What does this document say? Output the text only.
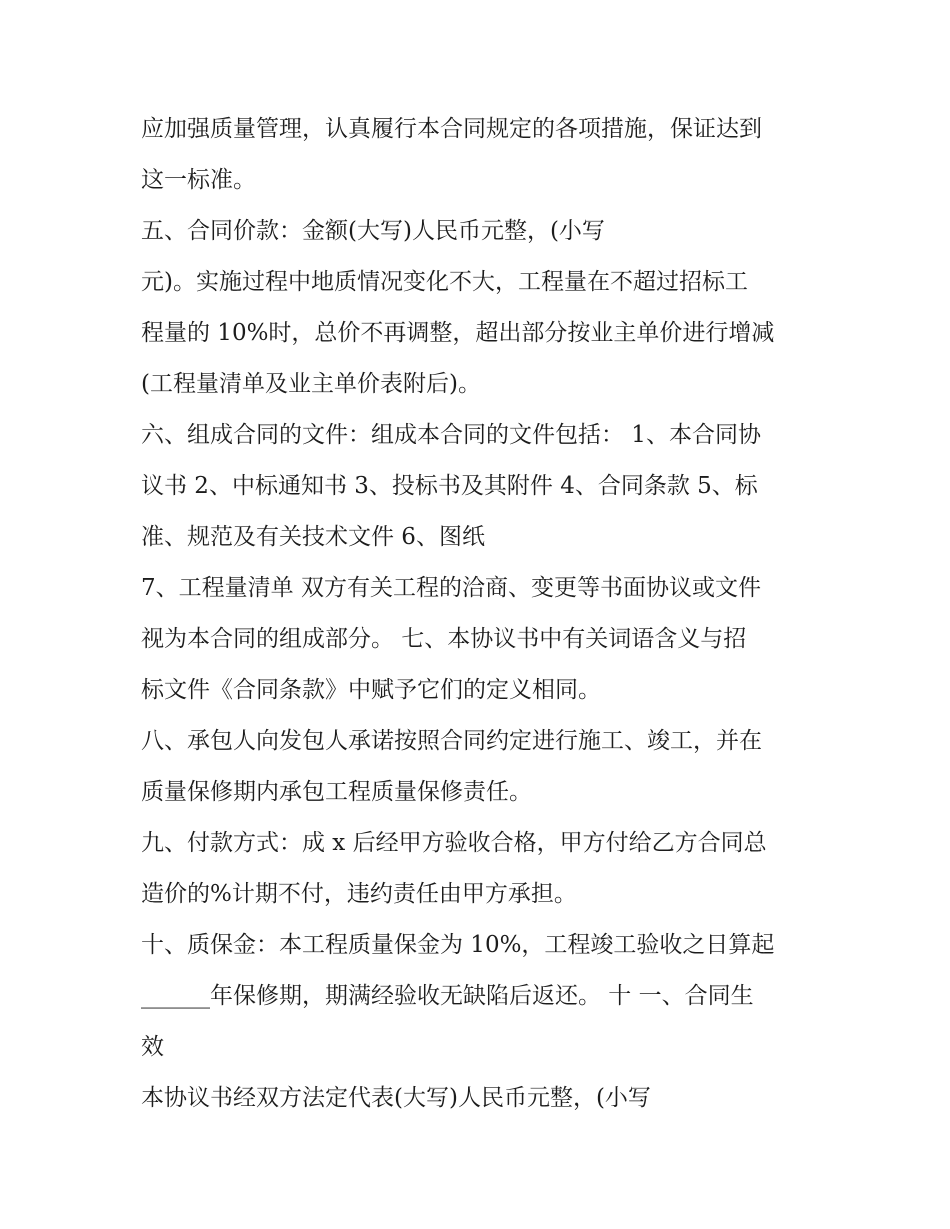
应加强质量管理，认真履行本合同规定的各项措施，保证达到
这一标准。
五、合同价款：金额(大写)人民币元整，(小写
元)。实施过程中地质情况变化不大，工程量在不超过招标工
程量的 10%时，总价不再调整，超出部分按业主单价进行增减
(工程量清单及业主单价表附后)。
六、组成合同的文件：组成本合同的文件包括： 1、本合同协
议书 2、中标通知书 3、投标书及其附件 4、合同条款 5、标
准、规范及有关技术文件 6、图纸
7、工程量清单 双方有关工程的洽商、变更等书面协议或文件
视为本合同的组成部分。 七、本协议书中有关词语含义与招
标文件《合同条款》中赋予它们的定义相同。
八、承包人向发包人承诺按照合同约定进行施工、竣工，并在
质量保修期内承包工程质量保修责任。
九、付款方式：成 x 后经甲方验收合格，甲方付给乙方合同总
造价的%计期不付，违约责任由甲方承担。
十、质保金：本工程质量保金为 10%，工程竣工验收之日算起
______年保修期，期满经验收无缺陷后返还。 十 一、合同生
效
本协议书经双方法定代表(大写)人民币元整，(小写
